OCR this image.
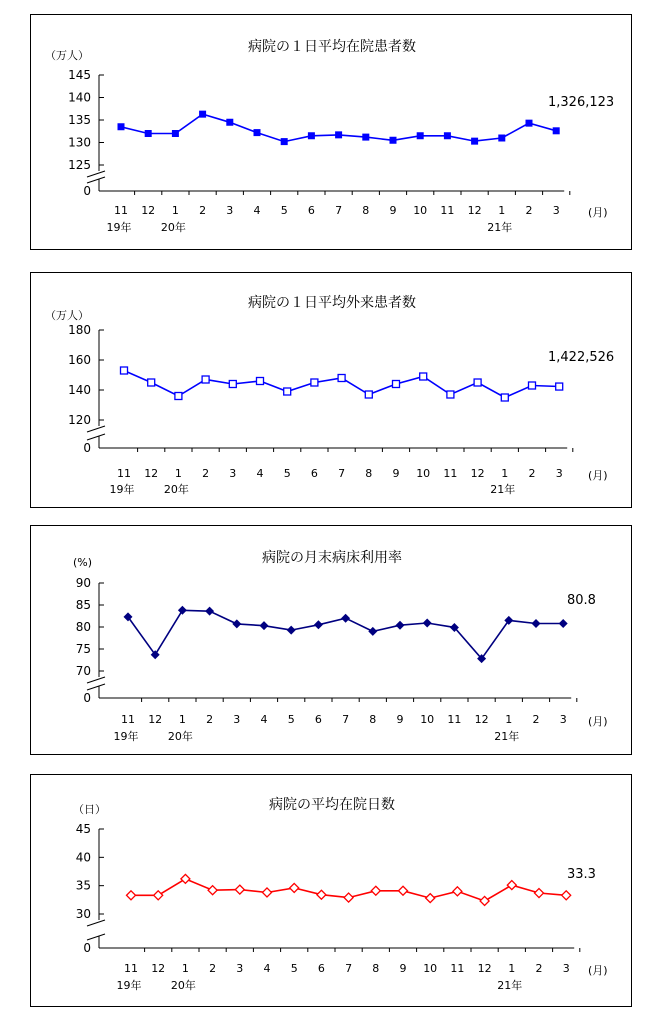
病院の１日平均在院患者数
（万人）
145
140
135
130
125
0
11 12 1 2 3 4 5 6 7 8 9 10 11 12 1 2 3
19年	20年	21年
(月)
1,326,123
病院の１日平均外来患者数
（万人）
180
160
140
120
0
11 12 1 2 3 4 5 6 7 8 9 10 11 12 1 2 3
19年	20年	21年
(月)
1,422,526
病院の月末病床利用率
(%)
90
85
80
75
70
0
11 12 1 2 3 4 5 6 7 8 9 10 11 12 1 2 3
19年	20年	21年
(月)
80.8
病院の平均在院日数
（日）
45
40
35
30
0
11 12 1 2 3 4 5 6 7 8 9 10 11 12 1 2 3
19年	20年	21年
(月)
33.3
